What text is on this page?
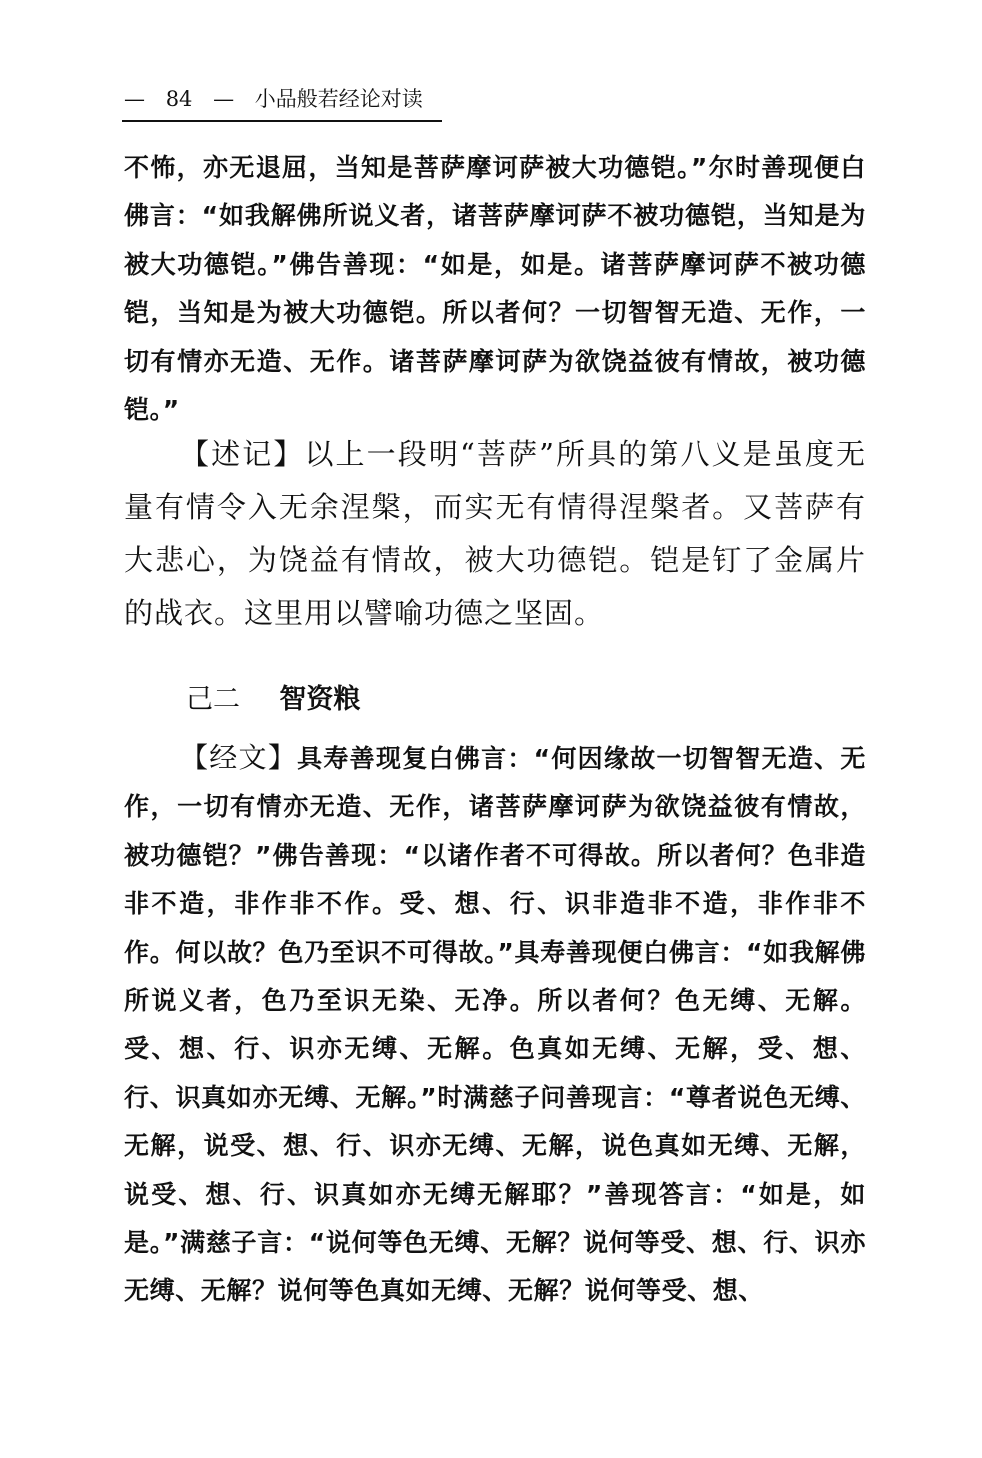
— 84 — 小品般若经论对读
不怖，亦无退屈，当知是菩萨摩诃萨被大功德铠。”尔时善现便白佛言：“如我解佛所说义者，诸菩萨摩诃萨不被功德铠，当知是为被大功德铠。”佛告善现：“如是，如是。诸菩萨摩诃萨不被功德铠，当知是为被大功德铠。所以者何？一切智智无造、无作，一切有情亦无造、无作。诸菩萨摩诃萨为欲饶益彼有情故，被功德铠。”
【述记】以上一段明“菩萨”所具的第八义是虽度无量有情令入无余涅槃，而实无有情得涅槃者。又菩萨有大悲心，为饶益有情故，被大功德铠。铠是钉了金属片的战衣。这里用以譬喻功德之坚固。
己二 智资粮
【经文】具寿善现复白佛言：“何因缘故一切智智无造、无作，一切有情亦无造、无作，诸菩萨摩诃萨为欲饶益彼有情故，被功德铠？”佛告善现：“以诸作者不可得故。所以者何？色非造非不造，非作非不作。受、想、行、识非造非不造，非作非不作。何以故？色乃至识不可得故。”具寿善现便白佛言：“如我解佛所说义者，色乃至识无染、无净。所以者何？色无缚、无解。受、想、行、识亦无缚、无解。色真如无缚、无解，受、想、行、识真如亦无缚、无解。”时满慈子问善现言：“尊者说色无缚、无解，说受、想、行、识亦无缚、无解，说色真如无缚、无解，说受、想、行、识真如亦无缚无解耶？”善现答言：“如是，如是。”满慈子言：“说何等色无缚、无解？说何等受、想、行、识亦无缚、无解？说何等色真如无缚、无解？说何等受、想、
